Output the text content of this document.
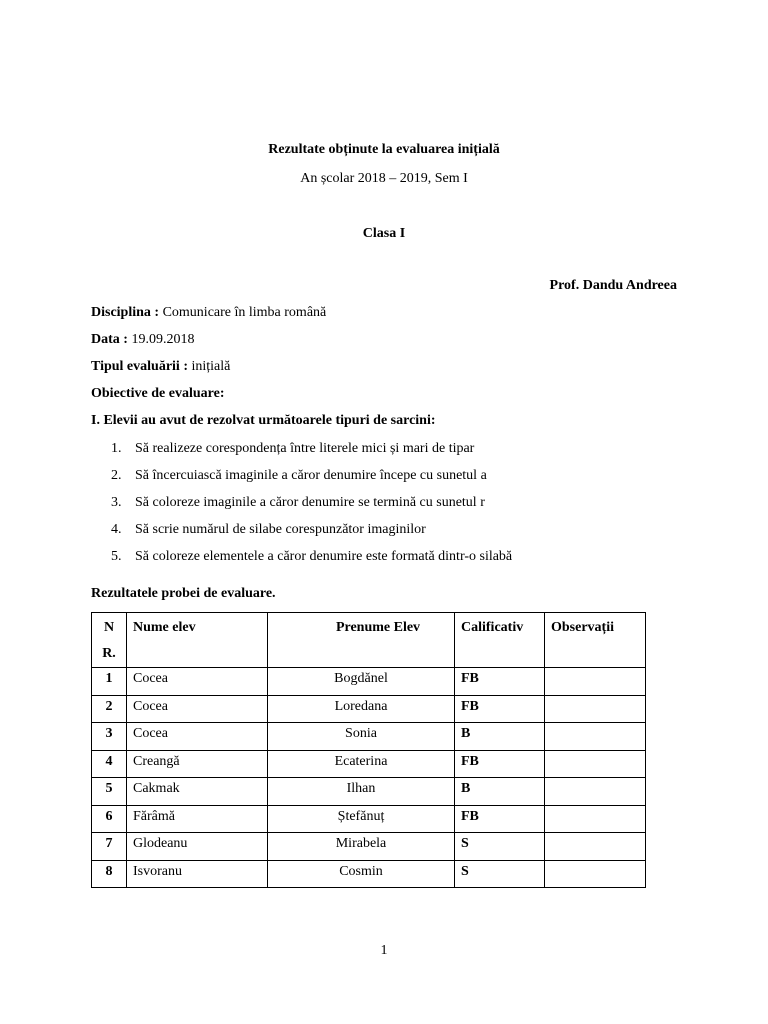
Rezultate obținute la evaluarea inițială
An școlar 2018 – 2019, Sem I
Clasa I
Prof. Dandu Andreea
Disciplina : Comunicare în limba română
Data : 19.09.2018
Tipul evaluării : inițială
Obiective de evaluare:
I. Elevii au avut de rezolvat următoarele tipuri de sarcini:
1. Să realizeze corespondența între literele mici și mari de tipar
2. Să încercuiască imaginile a căror denumire începe cu sunetul a
3. Să coloreze imaginile a căror denumire se termină cu sunetul r
4. Să scrie numărul de silabe corespunzător imaginilor
5. Să coloreze elementele a căror denumire este formată dintr-o silabă
Rezultatele probei de evaluare.
N R.	Nume elev	Prenume Elev	Calificativ	Observații
1	Cocea	Bogdănel	FB	
2	Cocea	Loredana	FB	
3	Cocea	Sonia	B	
4	Creangă	Ecaterina	FB	
5	Cakmak	Ilhan	B	
6	Fărâmă	Ștefănuț	FB	
7	Glodeanu	Mirabela	S	
8	Isvoranu	Cosmin	S	
1
